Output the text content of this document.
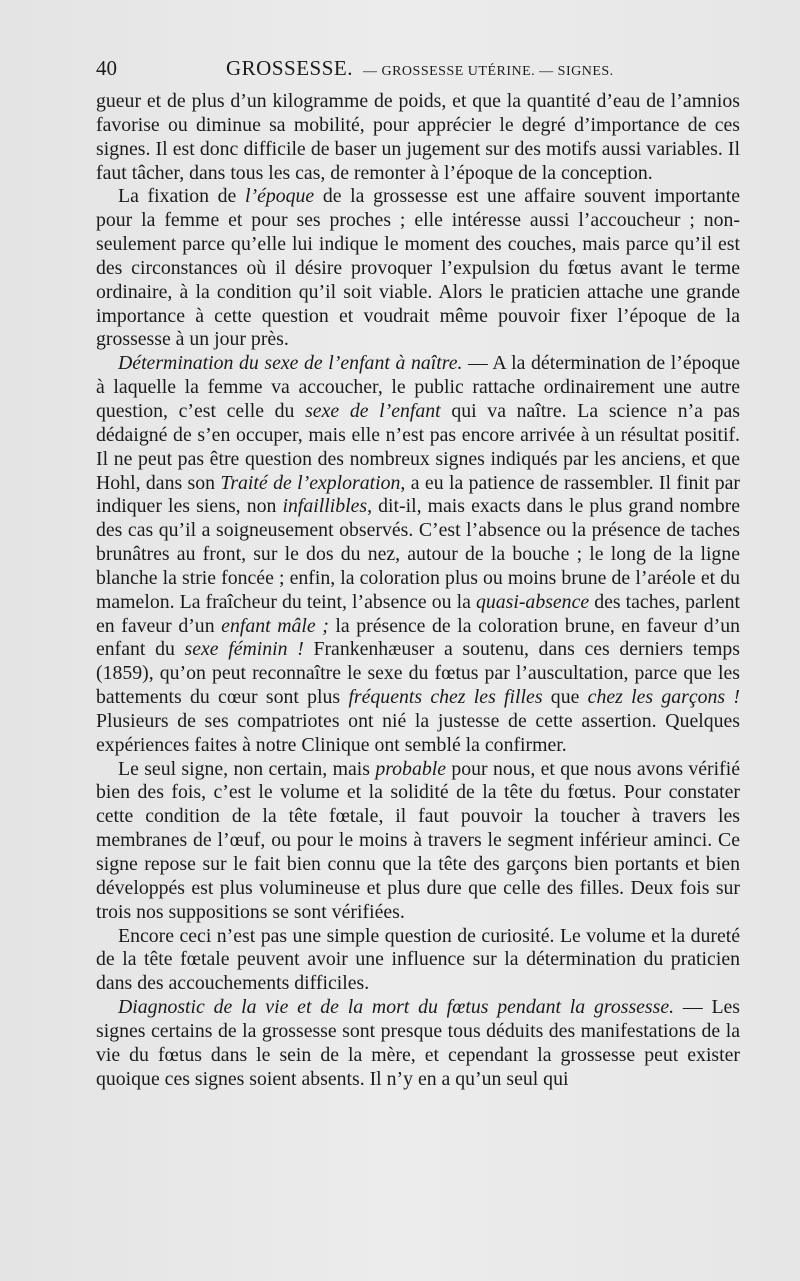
40	GROSSESSE. — GROSSESSE UTÉRINE. — SIGNES.

gueur et de plus d’un kilogramme de poids, et que la quantité d’eau de l’amnios favorise ou diminue sa mobilité, pour apprécier le degré d’importance de ces signes. Il est donc difficile de baser un jugement sur des motifs aussi variables. Il faut tâcher, dans tous les cas, de remonter à l’époque de la conception.

La fixation de l’époque de la grossesse est une affaire souvent importante pour la femme et pour ses proches ; elle intéresse aussi l’accoucheur ; non-seulement parce qu’elle lui indique le moment des couches, mais parce qu’il est des circonstances où il désire provoquer l’expulsion du fœtus avant le terme ordinaire, à la condition qu’il soit viable. Alors le praticien attache une grande importance à cette question et voudrait même pouvoir fixer l’époque de la grossesse à un jour près.

Détermination du sexe de l’enfant à naître. — A la détermination de l’époque à laquelle la femme va accoucher, le public rattache ordinairement une autre question, c’est celle du sexe de l’enfant qui va naître. La science n’a pas dédaigné de s’en occuper, mais elle n’est pas encore arrivée à un résultat positif. Il ne peut pas être question des nombreux signes indiqués par les anciens, et que Hohl, dans son Traité de l’exploration, a eu la patience de rassembler. Il finit par indiquer les siens, non infaillibles, dit-il, mais exacts dans le plus grand nombre des cas qu’il a soigneusement observés. C’est l’absence ou la présence de taches brunâtres au front, sur le dos du nez, autour de la bouche ; le long de la ligne blanche la strie foncée ; enfin, la coloration plus ou moins brune de l’aréole et du mamelon. La fraîcheur du teint, l’absence ou la quasi-absence des taches, parlent en faveur d’un enfant mâle ; la présence de la coloration brune, en faveur d’un enfant du sexe féminin ! Frankenhæuser a soutenu, dans ces derniers temps (1859), qu’on peut reconnaître le sexe du fœtus par l’auscultation, parce que les battements du cœur sont plus fréquents chez les filles que chez les garçons ! Plusieurs de ses compatriotes ont nié la justesse de cette assertion. Quelques expériences faites à notre Clinique ont semblé la confirmer.

Le seul signe, non certain, mais probable pour nous, et que nous avons vérifié bien des fois, c’est le volume et la solidité de la tête du fœtus. Pour constater cette condition de la tête fœtale, il faut pouvoir la toucher à travers les membranes de l’œuf, ou pour le moins à travers le segment inférieur aminci. Ce signe repose sur le fait bien connu que la tête des garçons bien portants et bien développés est plus volumineuse et plus dure que celle des filles. Deux fois sur trois nos suppositions se sont vérifiées.

Encore ceci n’est pas une simple question de curiosité. Le volume et la dureté de la tête fœtale peuvent avoir une influence sur la détermination du praticien dans des accouchements difficiles.

Diagnostic de la vie et de la mort du fœtus pendant la grossesse. — Les signes certains de la grossesse sont presque tous déduits des manifestations de la vie du fœtus dans le sein de la mère, et cependant la grossesse peut exister quoique ces signes soient absents. Il n’y en a qu’un seul qui
